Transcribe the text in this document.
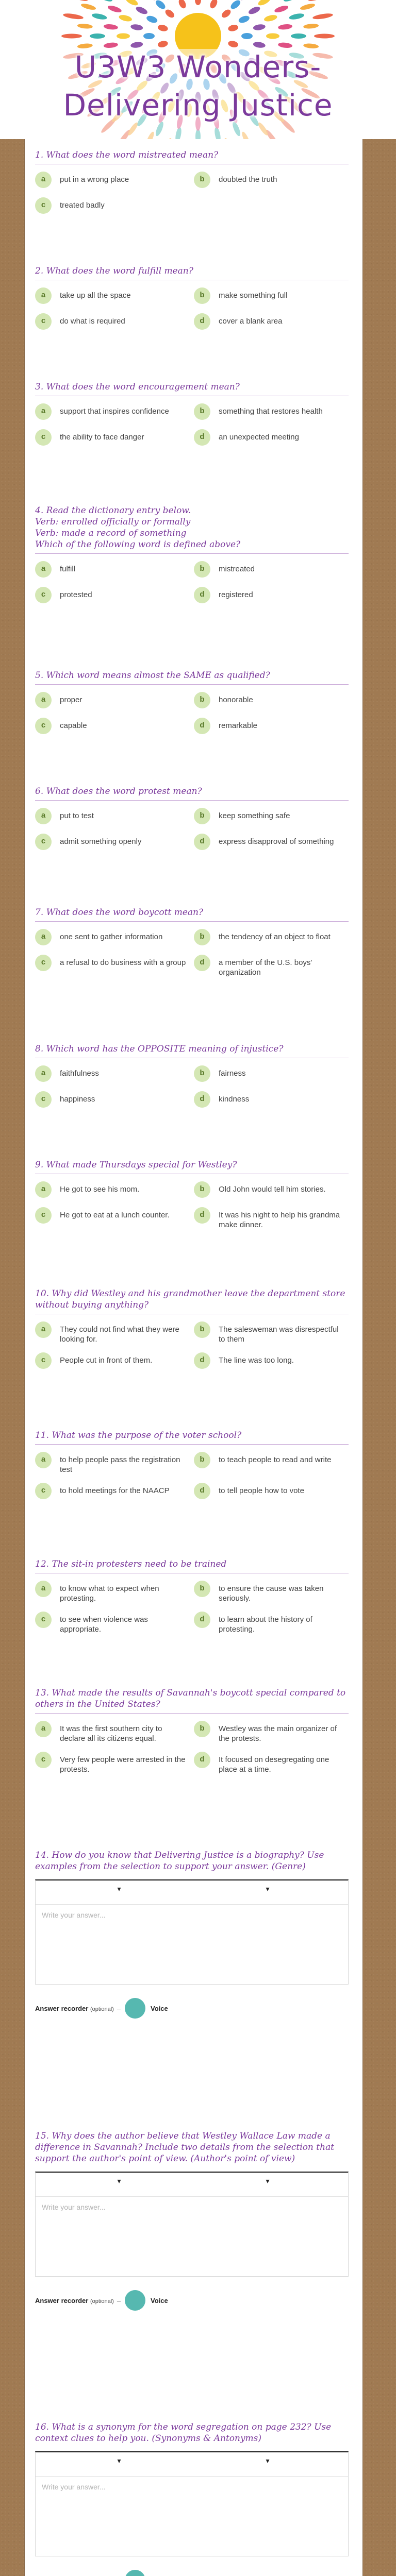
U3W3 Wonders-
Delivering Justice
1. What does the word mistreated mean?
a	put in a wrong place	b	doubted the truth
c	treated badly
2. What does the word fulfill mean?
a	take up all the space	b	make something full
c	do what is required	d	cover a blank area
3. What does the word encouragement mean?
a	support that inspires confidence	b	something that restores health
c	the ability to face danger	d	an unexpected meeting
4. Read the dictionary entry below.
Verb: enrolled officially or formally
Verb: made a record of something
Which of the following word is defined above?
a	fulfill	b	mistreated
c	protested	d	registered
5. Which word means almost the SAME as qualified?
a	proper	b	honorable
c	capable	d	remarkable
6. What does the word protest mean?
a	put to test	b	keep something safe
c	admit something openly	d	express disapproval of something
7. What does the word boycott mean?
a	one sent to gather information	b	the tendency of an object to float
c	a refusal to do business with a group	d	a member of the U.S. boys' organization
8. Which word has the OPPOSITE meaning of injustice?
a	faithfulness	b	fairness
c	happiness	d	kindness
9. What made Thursdays special for Westley?
a	He got to see his mom.	b	Old John would tell him stories.
c	He got to eat at a lunch counter.	d	It was his night to help his grandma make dinner.
10. Why did Westley and his grandmother leave the department store without buying anything?
a	They could not find what they were looking for.
b	The salesweman was disrespectful to them
c	People cut in front of them.	d	The line was too long.
11. What was the purpose of the voter school?
a	to help people pass the registration test
b	to teach people to read and write
c	to hold meetings for the NAACP	d	to tell people how to vote
12. The sit-in protesters need to be trained
a	to know what to expect when protesting.
b	to ensure the cause was taken seriously.
c	to see when violence was appropriate.
d	to learn about the history of protesting.
13. What made the results of Savannah's boycott special compared to others in the United States?
a	It was the first southern city to declare all its citizens equal.
b	Westley was the main organizer of the protests.
c	Very few people were arrested in the protests.
d	It focused on desegregating one place at a time.
14. How do you know that Delivering Justice is a biography? Use examples from the selection to support your answer. (Genre)
▾	▾
Write your answer...
Answer recorder (optional) –	Voice
15. Why does the author believe that Westley Wallace Law made a difference in Savannah? Include two details from the selection that support the author's point of view. (Author's point of view)
▾	▾
Write your answer...
Answer recorder (optional) –	Voice
16. What is a synonym for the word segregation on page 232? Use context clues to help you. (Synonyms & Antonyms)
▾	▾
Write your answer...
